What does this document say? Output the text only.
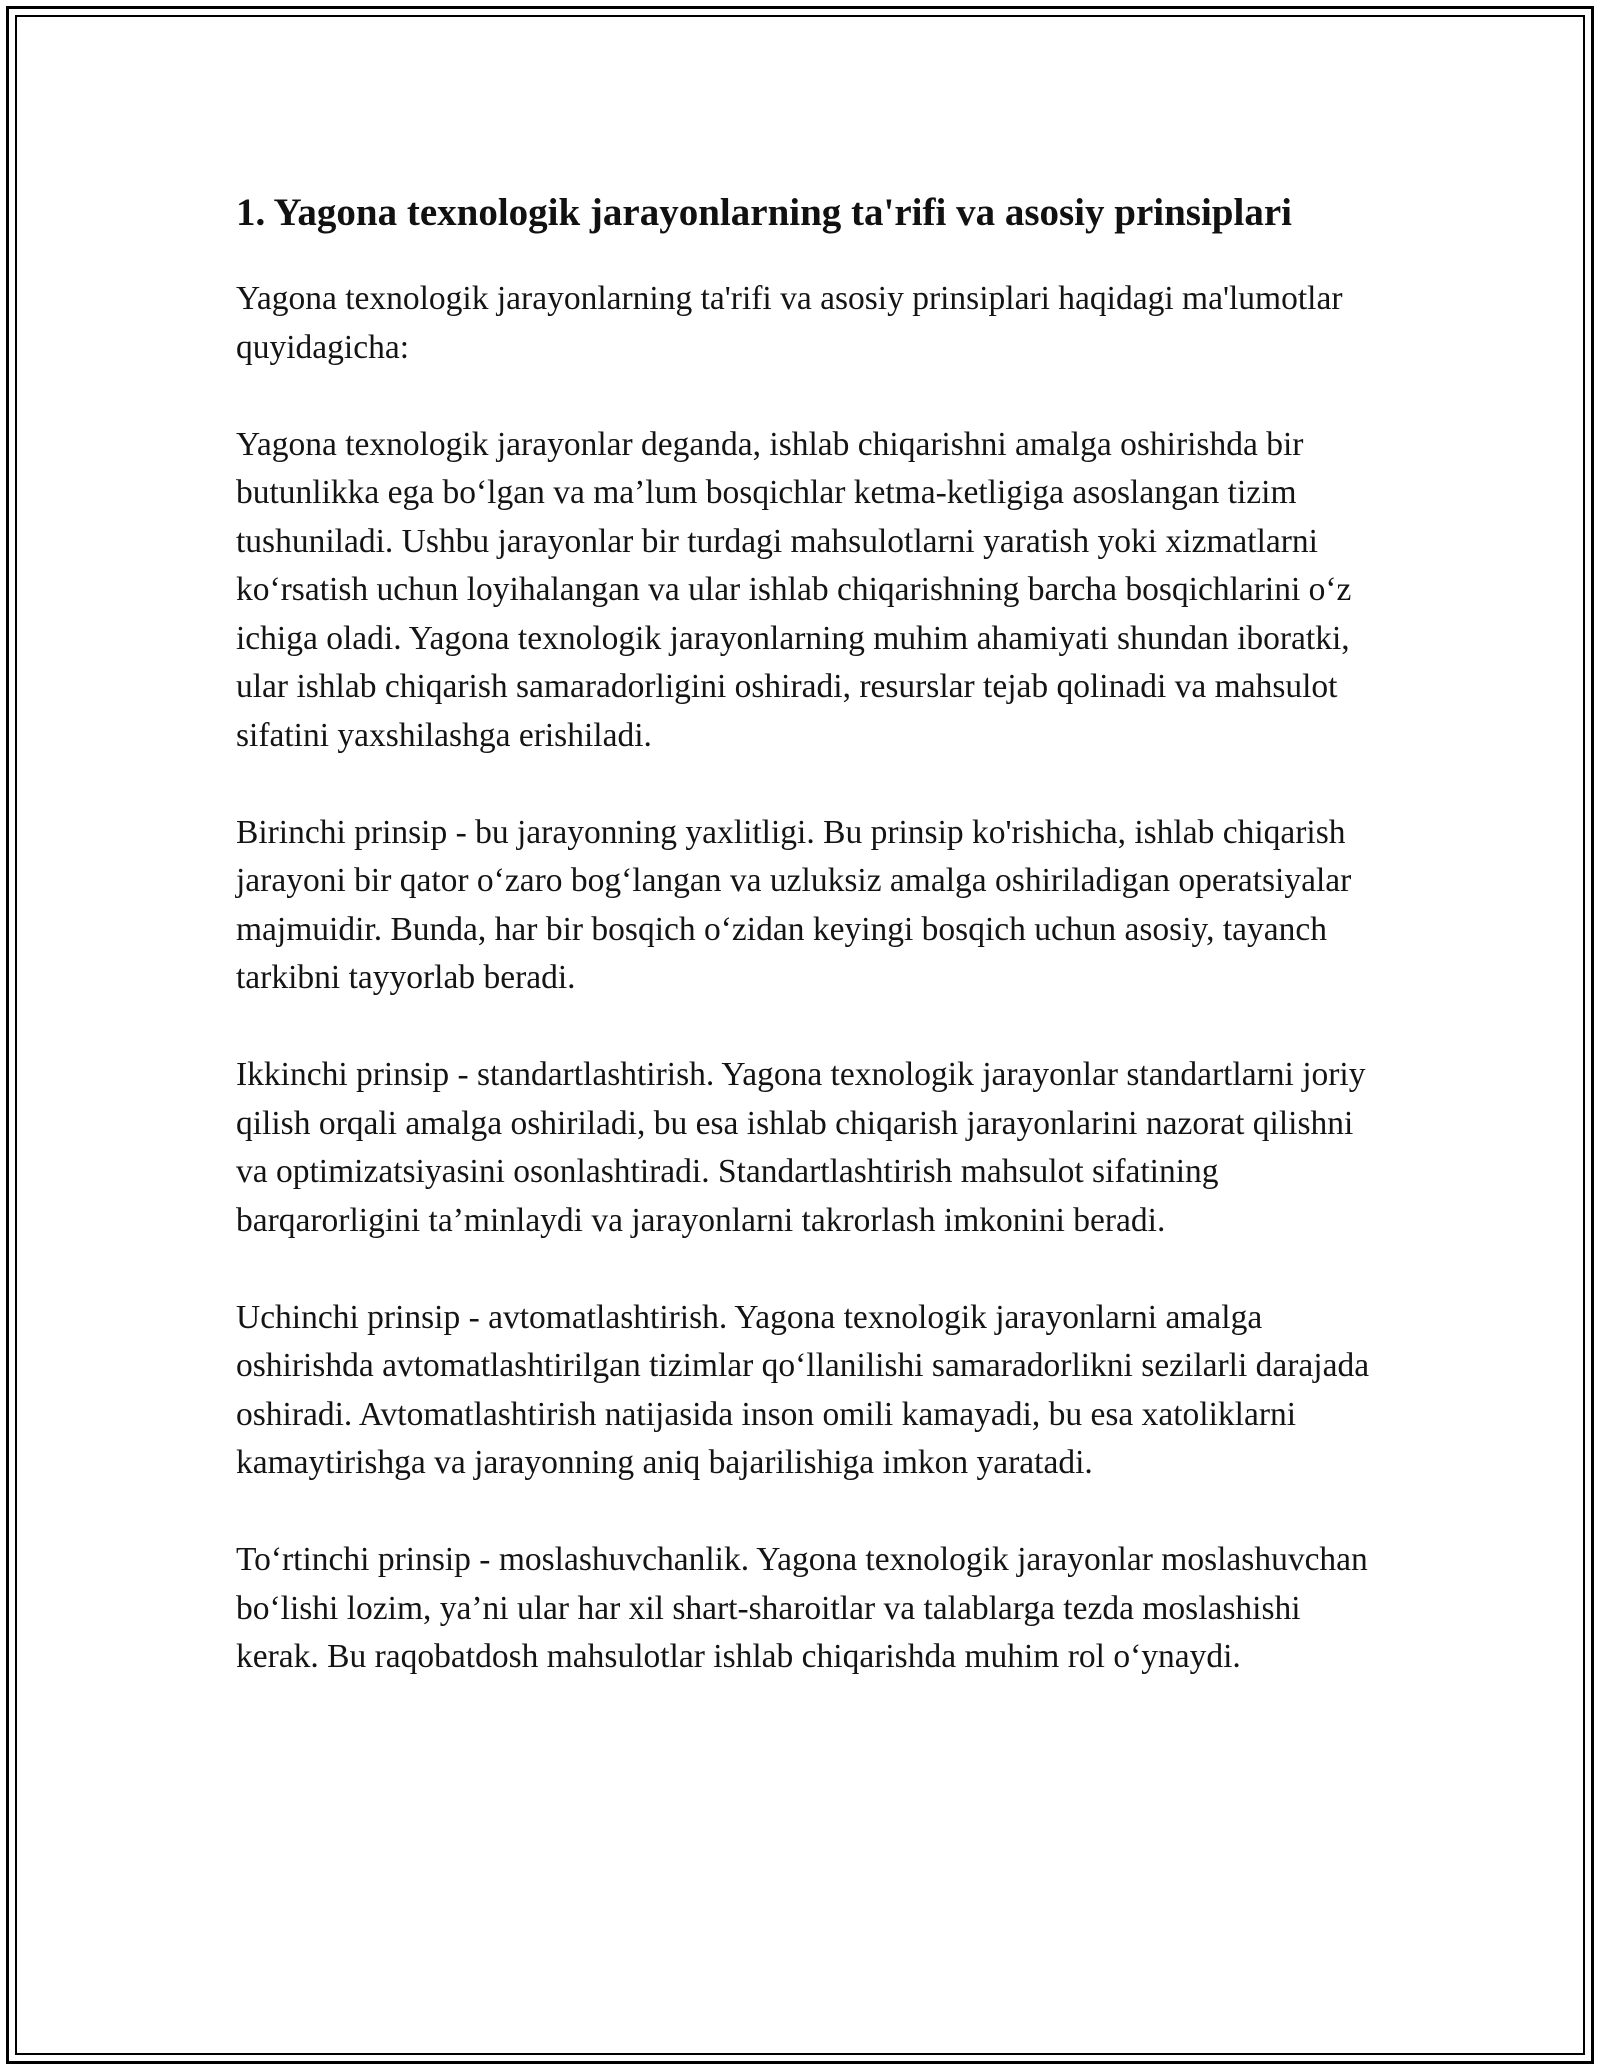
1. Yagona texnologik jarayonlarning ta'rifi va asosiy prinsiplari

Yagona texnologik jarayonlarning ta'rifi va asosiy prinsiplari haqidagi ma'lumotlar quyidagicha:

Yagona texnologik jarayonlar deganda, ishlab chiqarishni amalga oshirishda bir butunlikka ega bo‘lgan va ma’lum bosqichlar ketma-ketligiga asoslangan tizim tushuniladi. Ushbu jarayonlar bir turdagi mahsulotlarni yaratish yoki xizmatlarni ko‘rsatish uchun loyihalangan va ular ishlab chiqarishning barcha bosqichlarini o‘z ichiga oladi. Yagona texnologik jarayonlarning muhim ahamiyati shundan iboratki, ular ishlab chiqarish samaradorligini oshiradi, resurslar tejab qolinadi va mahsulot sifatini yaxshilashga erishiladi.

Birinchi prinsip - bu jarayonning yaxlitligi. Bu prinsip ko'rishicha, ishlab chiqarish jarayoni bir qator o‘zaro bog‘langan va uzluksiz amalga oshiriladigan operatsiyalar majmuidir. Bunda, har bir bosqich o‘zidan keyingi bosqich uchun asosiy, tayanch tarkibni tayyorlab beradi.

Ikkinchi prinsip - standartlashtirish. Yagona texnologik jarayonlar standartlarni joriy qilish orqali amalga oshiriladi, bu esa ishlab chiqarish jarayonlarini nazorat qilishni va optimizatsiyasini osonlashtiradi. Standartlashtirish mahsulot sifatining barqarorligini ta’minlaydi va jarayonlarni takrorlash imkonini beradi.

Uchinchi prinsip - avtomatlashtirish. Yagona texnologik jarayonlarni amalga oshirishda avtomatlashtirilgan tizimlar qo‘llanilishi samaradorlikni sezilarli darajada oshiradi. Avtomatlashtirish natijasida inson omili kamayadi, bu esa xatoliklarni kamaytirishga va jarayonning aniq bajarilishiga imkon yaratadi.

To‘rtinchi prinsip - moslashuvchanlik. Yagona texnologik jarayonlar moslashuvchan bo‘lishi lozim, ya’ni ular har xil shart-sharoitlar va talablarga tezda moslashishi kerak. Bu raqobatdosh mahsulotlar ishlab chiqarishda muhim rol o‘ynaydi.
